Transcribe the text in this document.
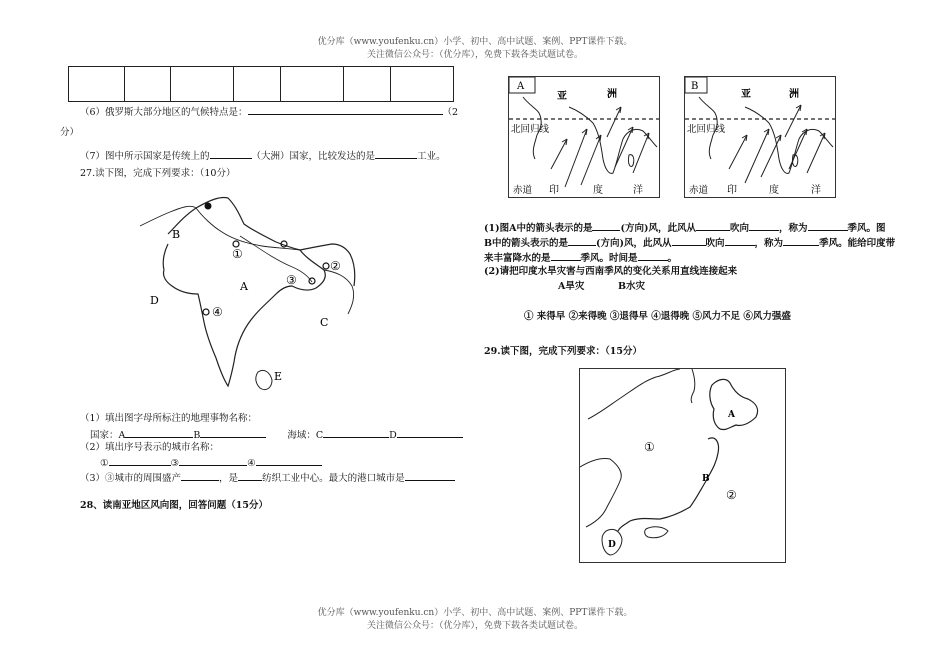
优分库（www.youfenku.cn）小学、初中、高中试题、案例、PPT课件下载。
关注微信公众号：（优分库），免费下载各类试题试卷。

（6）俄罗斯大部分地区的气候特点是：	（2
分）
（7）图中所示国家是传统上的	（大洲）国家，比较发达的是	工业。
27.读下图，完成下列要求：（10分）
B
A
D
C
E
①
②
③
④
（1）填出图字母所标注的地理事物名称：
国家：A	B	海域：C	D
（2）填出序号表示的城市名称：
①	③	④
（3）③城市的周围盛产	，是	纺织工业中心。最大的港口城市是
28、读南亚地区风向图，回答问题（15分）
A
亚	洲
北回归线
赤道 印	度	洋
B
亚	洲
北回归线
赤道 印	度	洋
(1)图A中的箭头表示的是	(方向)风，此风从	吹向	，称为	季风。图
B中的箭头表示的是	(方向)风，此风从	吹向	，称为	季风。能给印度带
来丰富降水的是	季风。时间是	。
(2)请把印度水旱灾害与西南季风的变化关系用直线连接起来
A旱灾	B水灾
① 来得早 ②来得晚 ③退得早 ④退得晚 ⑤风力不足 ⑥风力强盛
29.读下图，完成下列要求：（15分）
①
②
A
B
D
优分库（www.youfenku.cn）小学、初中、高中试题、案例、PPT课件下载。
关注微信公众号：（优分库），免费下载各类试题试卷。
